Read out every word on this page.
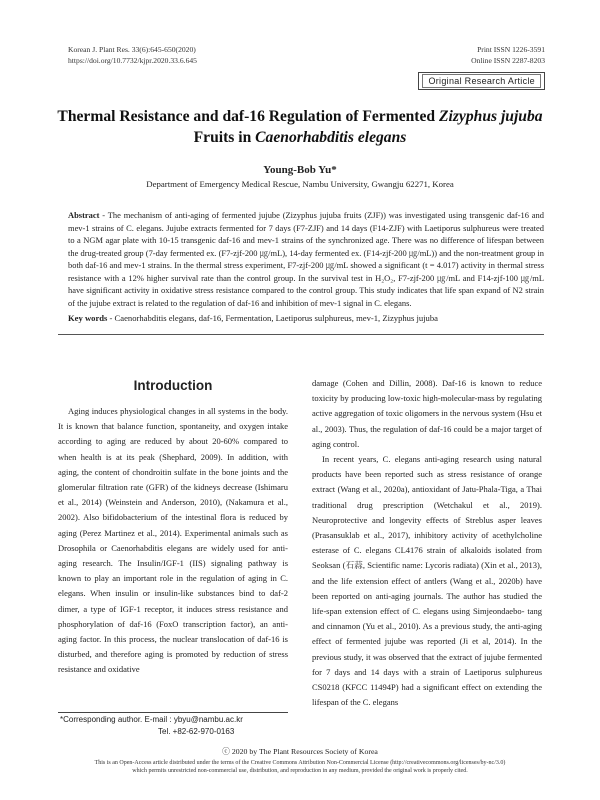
Korean J. Plant Res. 33(6):645-650(2020)
https://doi.org/10.7732/kjpr.2020.33.6.645
Print ISSN 1226-3591
Online ISSN 2287-8203
Original Research Article
Thermal Resistance and daf-16 Regulation of Fermented Zizyphus jujuba
Fruits in Caenorhabditis elegans
Young-Bob Yu*
Department of Emergency Medical Rescue, Nambu University, Gwangju 62271, Korea
Abstract - The mechanism of anti-aging of fermented jujube (Zizyphus jujuba fruits (ZJF)) was investigated using transgenic daf-16 and mev-1 strains of C. elegans. Jujube extracts fermented for 7 days (F7-ZJF) and 14 days (F14-ZJF) with Laetiporus sulphureus were treated to a NGM agar plate with 10-15 transgenic daf-16 and mev-1 strains of the synchronized age. There was no difference of lifespan between the drug-treated group (7-day fermented ex. (F7-zjf-200 ㎍/mL), 14-day fermented ex. (F14-zjf-200 ㎍/mL)) and the non-treatment group in both daf-16 and mev-1 strains. In the thermal stress experiment, F7-zjf-200 ㎍/mL showed a significant (t = 4.017) activity in thermal stress resistance with a 12% higher survival rate than the control group. In the survival test in H₂O₂, F7-zjf-200 ㎍/mL and F14-zjf-100 ㎍/mL have significant activity in oxidative stress resistance compared to the control group. This study indicates that life span expand of N2 strain of the jujube extract is related to the regulation of daf-16 and inhibition of mev-1 signal in C. elegans.
Key words - Caenorhabditis elegans, daf-16, Fermentation, Laetiporus sulphureus, mev-1, Zizyphus jujuba
Introduction

Aging induces physiological changes in all systems in the body. It is known that balance function, spontaneity, and oxygen intake according to aging are reduced by about 20-60% compared to when health is at its peak (Shephard, 2009). In addition, with aging, the content of chondroitin sulfate in the bone joints and the glomerular filtration rate (GFR) of the kidneys decrease (Ishimaru et al., 2014) (Weinstein and Anderson, 2010), (Nakamura et al., 2002). Also bifidobacterium of the intestinal flora is reduced by aging (Perez Martinez et al., 2014). Experimental animals such as Drosophila or Caenorhabditis elegans are widely used for anti-aging research. The Insulin/IGF-1 (IIS) signaling pathway is known to play an important role in the regulation of aging in C. elegans. When insulin or insulin-like substances bind to daf-2 dimer, a type of IGF-1 receptor, it induces stress resistance and phosphorylation of daf-16 (FoxO transcription factor), an anti-aging factor. In this process, the nuclear translocation of daf-16 is disturbed, and therefore aging is promoted by reduction of stress resistance and oxidative

damage (Cohen and Dillin, 2008). Daf-16 is known to reduce toxicity by producing low-toxic high-molecular-mass by regulating active aggregation of toxic oligomers in the nervous system (Hsu et al., 2003). Thus, the regulation of daf-16 could be a major target of aging control.

In recent years, C. elegans anti-aging research using natural products have been reported such as stress resistance of orange extract (Wang et al., 2020a), antioxidant of Jatu-Phala-Tiga, a Thai traditional drug prescription (Wetchakul et al., 2019). Neuroprotective and longevity effects of Streblus asper leaves (Prasansuklab et al., 2017), inhibitory activity of acethylcholine esterase of C. elegans CL4176 strain of alkaloids isolated from Seoksan (石蒜, Scientific name: Lycoris radiata) (Xin et al., 2013), and the life extension effect of antlers (Wang et al., 2020b) have been reported on anti-aging journals. The author has studied the life-span extension effect of C. elegans using Simjeondaebo- tang and cinnamon (Yu et al., 2010). As a previous study, the anti-aging effect of fermented jujube was reported (Ji et al, 2014). In the previous study, it was observed that the extract of jujube fermented for 7 days and 14 days with a strain of Laetiporus sulphureus CS0218 (KFCC 11494P) had a significant effect on extending the lifespan of the C. elegans

*Corresponding author. E-mail : ybyu@nambu.ac.kr
Tel. +82-62-970-0163
ⓒ 2020 by The Plant Resources Society of Korea
This is an Open-Access article distributed under the terms of the Creative Commons Attribution Non-Commercial License (http://creativecommons.org/licenses/by-nc/3.0)
which permits unrestricted non-commercial use, distribution, and reproduction in any medium, provided the original work is properly cited.
